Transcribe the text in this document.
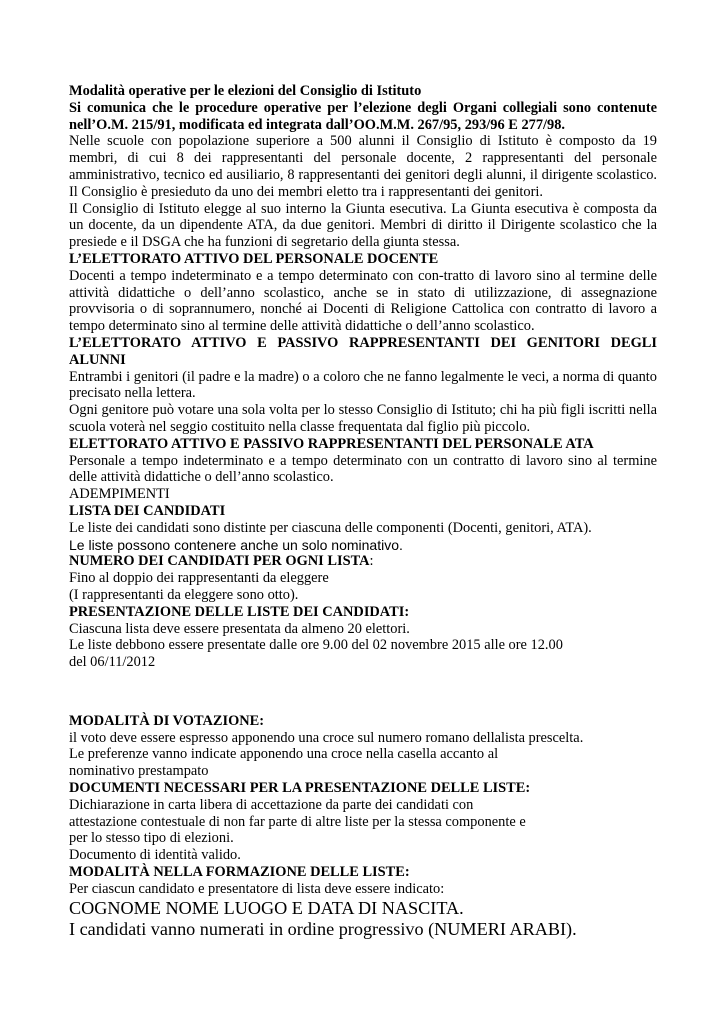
Modalità operative per le elezioni del Consiglio di Istituto

Si comunica che le procedure operative per l’elezione degli Organi collegiali sono contenute nell’O.M. 215/91, modificata ed integrata dall’OO.M.M. 267/95, 293/96 E 277/98.

Nelle scuole con popolazione superiore a 500 alunni il Consiglio di Istituto è composto da 19 membri, di cui 8 dei rappresentanti del personale docente, 2 rappresentanti del personale amministrativo, tecnico ed ausiliario, 8 rappresentanti dei genitori degli alunni, il dirigente scolastico. Il Consiglio è presieduto da uno dei membri eletto tra i rappresentanti dei genitori.

Il Consiglio di Istituto elegge al suo interno la Giunta esecutiva. La Giunta esecutiva è composta da un docente, da un dipendente ATA, da due genitori. Membri di diritto il Dirigente scolastico che la presiede e il DSGA che ha funzioni di segretario della giunta stessa.

L’ELETTORATO ATTIVO DEL PERSONALE DOCENTE

Docenti a tempo indeterminato e a tempo determinato con con-tratto di lavoro sino al termine delle attività didattiche o dell’anno scolastico, anche se in stato di utilizzazione, di assegnazione provvisoria o di soprannumero, nonché ai Docenti di Religione Cattolica con contratto di lavoro a tempo determinato sino al termine delle attività didattiche o dell’anno scolastico.

L’ELETTORATO ATTIVO E PASSIVO RAPPRESENTANTI DEI GENITORI DEGLI ALUNNI

Entrambi i genitori (il padre e la madre) o a coloro che ne fanno legalmente le veci, a norma di quanto precisato nella lettera.

Ogni genitore può votare una sola volta per lo stesso Consiglio di Istituto; chi ha più figli iscritti nella scuola voterà nel seggio costituito nella classe frequentata dal figlio più piccolo.

ELETTORATO ATTIVO E PASSIVO RAPPRESENTANTI DEL PERSONALE ATA

Personale a tempo indeterminato e a tempo determinato con un contratto di lavoro sino al termine delle attività didattiche o dell’anno scolastico.

ADEMPIMENTI

LISTA DEI CANDIDATI

Le liste dei candidati sono distinte per ciascuna delle componenti (Docenti, genitori, ATA).

Le liste possono contenere anche un solo nominativo.

NUMERO DEI CANDIDATI PER OGNI LISTA:

Fino al doppio dei rappresentanti da eleggere

(I rappresentanti da eleggere sono otto).

PRESENTAZIONE DELLE LISTE DEI CANDIDATI:

Ciascuna lista deve essere presentata da almeno 20 elettori.

Le liste debbono essere presentate dalle ore 9.00 del 02 novembre 2015 alle ore 12.00

del 06/11/2012

MODALITÀ DI VOTAZIONE:

il voto deve essere espresso apponendo una croce sul numero romano dellalista prescelta.

Le preferenze vanno indicate apponendo una croce nella casella accanto al

nominativo prestampato

DOCUMENTI NECESSARI PER LA PRESENTAZIONE DELLE LISTE:

Dichiarazione in carta libera di accettazione da parte dei candidati con

attestazione contestuale di non far parte di altre liste per la stessa componente e

per lo stesso tipo di elezioni.

Documento di identità valido.

MODALITÀ NELLA FORMAZIONE DELLE LISTE:

Per ciascun candidato e presentatore di lista deve essere indicato:

COGNOME NOME LUOGO E DATA DI NASCITA.

I candidati vanno numerati in ordine progressivo (NUMERI ARABI).
